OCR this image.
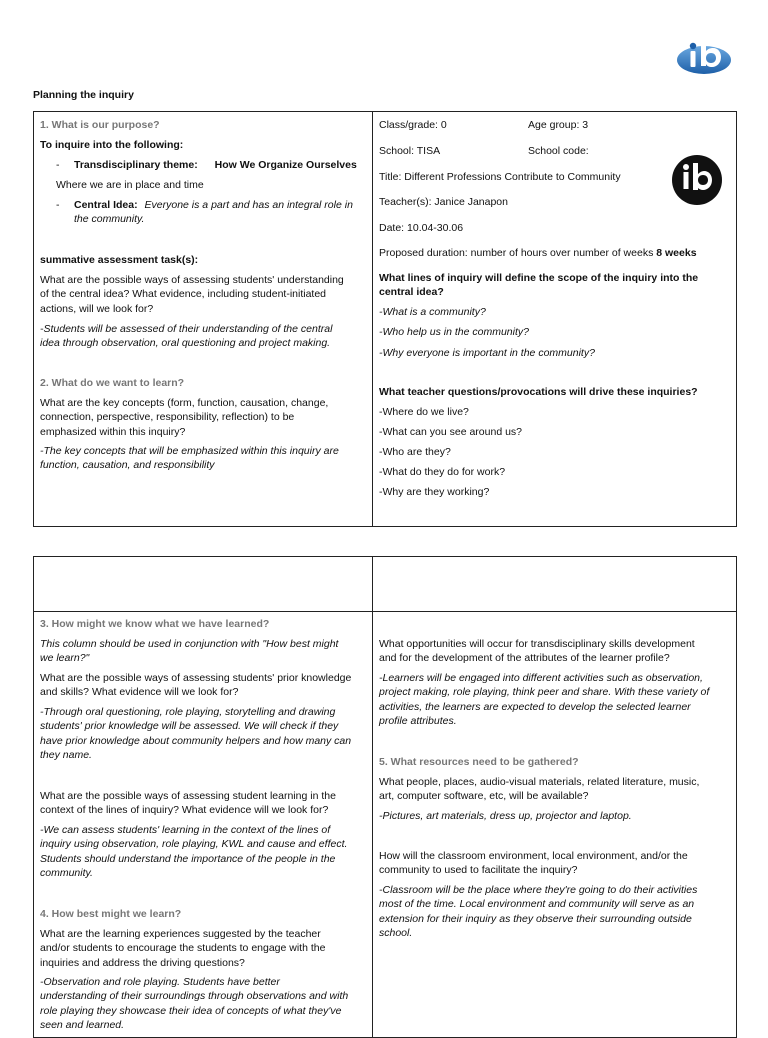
Planning the inquiry
1. What is our purpose?
To inquire into the following:
- Transdisciplinary theme: How We Organize Ourselves
Where we are in place and time
- Central Idea: Everyone is a part and has an integral role in
the community.
summative assessment task(s):
What are the possible ways of assessing students' understanding
of the central idea? What evidence, including student-initiated
actions, will we look for?
-Students will be assessed of their understanding of the central
idea through observation, oral questioning and project making.
2. What do we want to learn?
What are the key concepts (form, function, causation, change,
connection, perspective, responsibility, reflection) to be
emphasized within this inquiry?
-The key concepts that will be emphasized within this inquiry are
function, causation, and responsibility
Class/grade: 0	Age group: 3
School: TISA	School code:
Title: Different Professions Contribute to Community
Teacher(s): Janice Janapon
Date: 10.04-30.06
Proposed duration: number of hours over number of weeks 8 weeks
What lines of inquiry will define the scope of the inquiry into the
central idea?
-What is a community?
-Who help us in the community?
-Why everyone is important in the community?
What teacher questions/provocations will drive these inquiries?
-Where do we live?
-What can you see around us?
-Who are they?
-What do they do for work?
-Why are they working?
3. How might we know what we have learned?
This column should be used in conjunction with "How best might
we learn?"
What are the possible ways of assessing students' prior knowledge
and skills? What evidence will we look for?
-Through oral questioning, role playing, storytelling and drawing
students' prior knowledge will be assessed. We will check if they
have prior knowledge about community helpers and how many can
they name.
What are the possible ways of assessing student learning in the
context of the lines of inquiry? What evidence will we look for?
-We can assess students' learning in the context of the lines of
inquiry using observation, role playing, KWL and cause and effect.
Students should understand the importance of the people in the
community.
4. How best might we learn?
What are the learning experiences suggested by the teacher
and/or students to encourage the students to engage with the
inquiries and address the driving questions?
-Observation and role playing. Students have better
understanding of their surroundings through observations and with
role playing they showcase their idea of concepts of what they've
seen and learned.
What opportunities will occur for transdisciplinary skills development
and for the development of the attributes of the learner profile?
-Learners will be engaged into different activities such as observation,
project making, role playing, think peer and share. With these variety of
activities, the learners are expected to develop the selected learner
profile attributes.
5. What resources need to be gathered?
What people, places, audio-visual materials, related literature, music,
art, computer software, etc, will be available?
-Pictures, art materials, dress up, projector and laptop.
How will the classroom environment, local environment, and/or the
community to used to facilitate the inquiry?
-Classroom will be the place where they're going to do their activities
most of the time. Local environment and community will serve as an
extension for their inquiry as they observe their surrounding outside
school.
